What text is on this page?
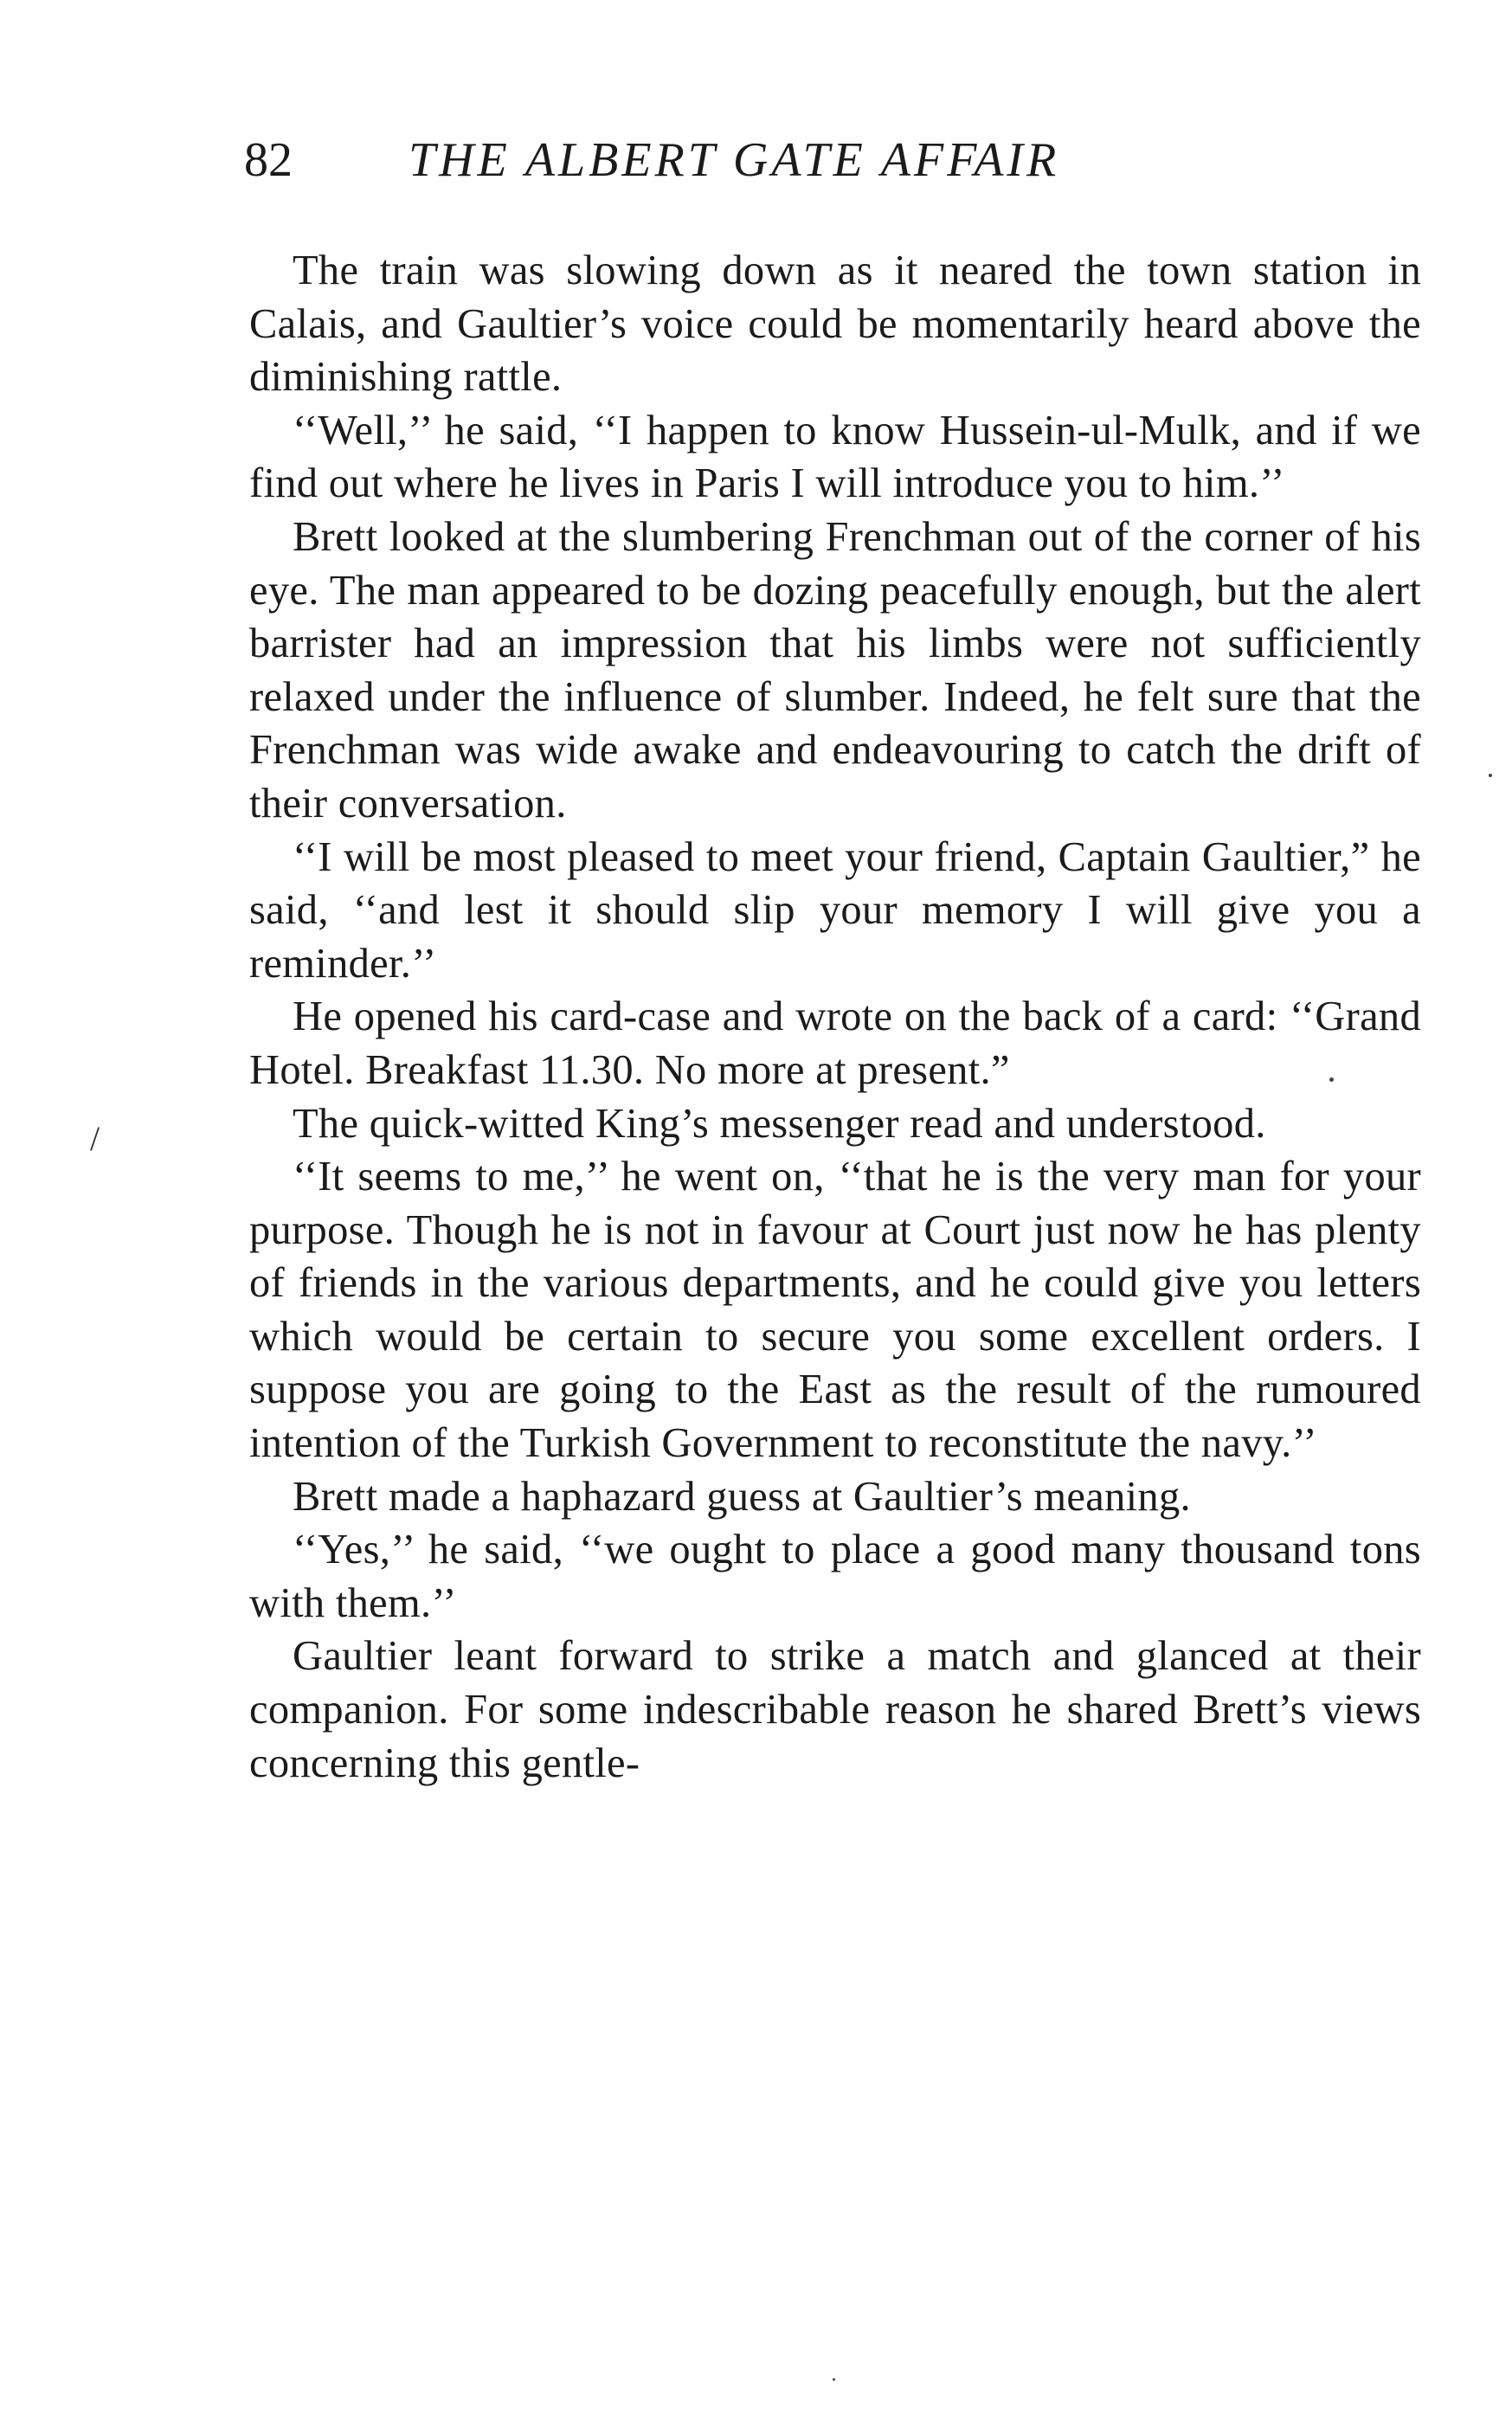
82 THE ALBERT GATE AFFAIR
/

The train was slowing down as it neared the town station in Calais, and Gaultier’s voice could be momentarily heard above the diminishing rattle.

‘‘Well,’’ he said, ‘‘I happen to know Hussein-ul-Mulk, and if we find out where he lives in Paris I will introduce you to him.’’

Brett looked at the slumbering Frenchman out of the corner of his eye. The man appeared to be dozing peacefully enough, but the alert barrister had an impression that his limbs were not sufficiently relaxed under the influence of slumber. Indeed, he felt sure that the Frenchman was wide awake and endeavouring to catch the drift of their conversation.

‘‘I will be most pleased to meet your friend, Captain Gaultier,” he said, ‘‘and lest it should slip your memory I will give you a reminder.’’

He opened his card-case and wrote on the back of a card: ‘‘Grand Hotel. Breakfast 11.30. No more at present.”

The quick-witted King’s messenger read and understood.

‘‘It seems to me,’’ he went on, ‘‘that he is the very man for your purpose. Though he is not in favour at Court just now he has plenty of friends in the various departments, and he could give you letters which would be certain to secure you some excellent orders. I suppose you are going to the East as the result of the rumoured intention of the Turkish Government to reconstitute the navy.’’

Brett made a haphazard guess at Gaultier’s meaning.

‘‘Yes,’’ he said, ‘‘we ought to place a good many thousand tons with them.’’

Gaultier leant forward to strike a match and glanced at their companion. For some indescribable reason he shared Brett’s views concerning this gentle-
